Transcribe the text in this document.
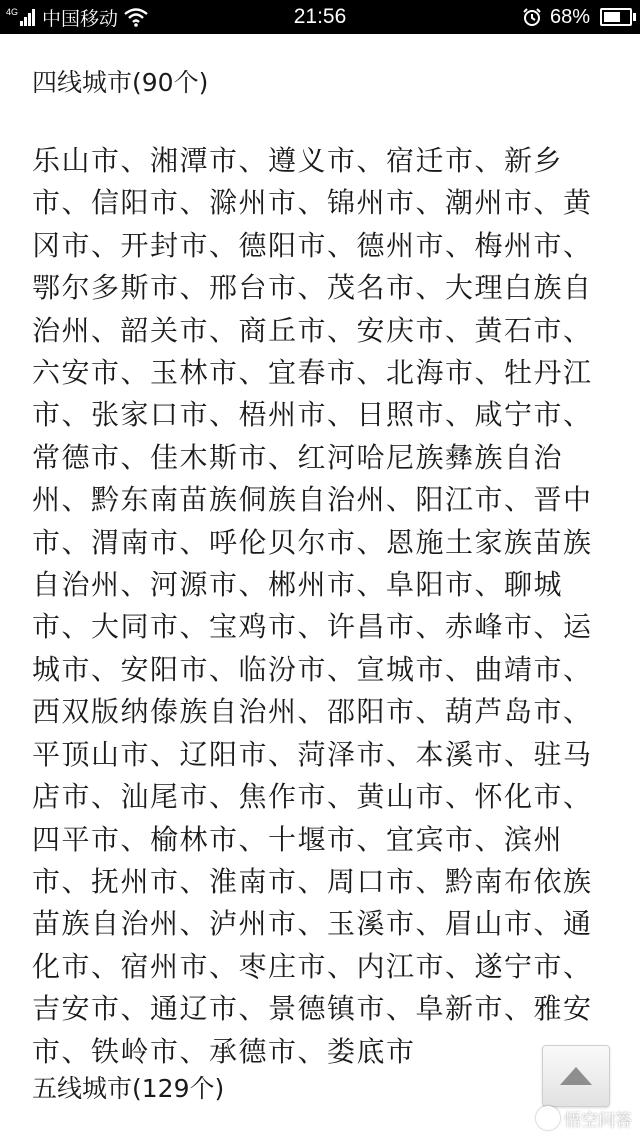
4G 中国移动	21:56	68%
四线城市(90个)

乐山市、湘潭市、遵义市、宿迁市、新乡市、信阳市、滁州市、锦州市、潮州市、黄冈市、开封市、德阳市、德州市、梅州市、鄂尔多斯市、邢台市、茂名市、大理白族自治州、韶关市、商丘市、安庆市、黄石市、六安市、玉林市、宜春市、北海市、牡丹江市、张家口市、梧州市、日照市、咸宁市、常德市、佳木斯市、红河哈尼族彝族自治州、黔东南苗族侗族自治州、阳江市、晋中市、渭南市、呼伦贝尔市、恩施土家族苗族自治州、河源市、郴州市、阜阳市、聊城市、大同市、宝鸡市、许昌市、赤峰市、运城市、安阳市、临汾市、宣城市、曲靖市、西双版纳傣族自治州、邵阳市、葫芦岛市、平顶山市、辽阳市、菏泽市、本溪市、驻马店市、汕尾市、焦作市、黄山市、怀化市、四平市、榆林市、十堰市、宜宾市、滨州市、抚州市、淮南市、周口市、黔南布依族苗族自治州、泸州市、玉溪市、眉山市、通化市、宿州市、枣庄市、内江市、遂宁市、吉安市、通辽市、景德镇市、阜新市、雅安市、铁岭市、承德市、娄底市

五线城市(129个)
悟空问答
